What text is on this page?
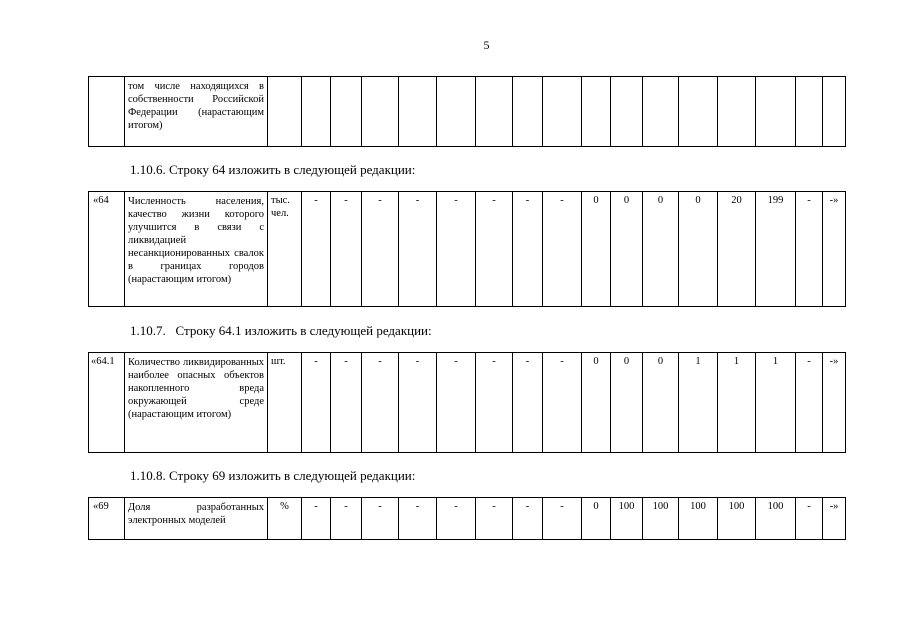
5
	том числе находящихся в собственности Российской Федерации (нарастающим итогом)																	
1.10.6. Строку 64 изложить в следующей редакции:
«64	Численность населения, качество жизни которого улучшится в связи с ликвидацией несанкционированных свалок в границах городов (нарастающим итогом)	тыс. чел.	-	-	-	-	-	-	-	-	0	0	0	0	20	199	-	-»
1.10.7.   Строку 64.1 изложить в следующей редакции:
«64.1	Количество ликвидированных наиболее опасных объектов накопленного вреда окружающей среде (нарастающим итогом)	шт.	-	-	-	-	-	-	-	-	0	0	0	1	1	1	-	-»
1.10.8. Строку 69 изложить в следующей редакции:
«69	Доля разработанных электронных моделей	%	-	-	-	-	-	-	-	-	0	100	100	100	100	100	-	-»
